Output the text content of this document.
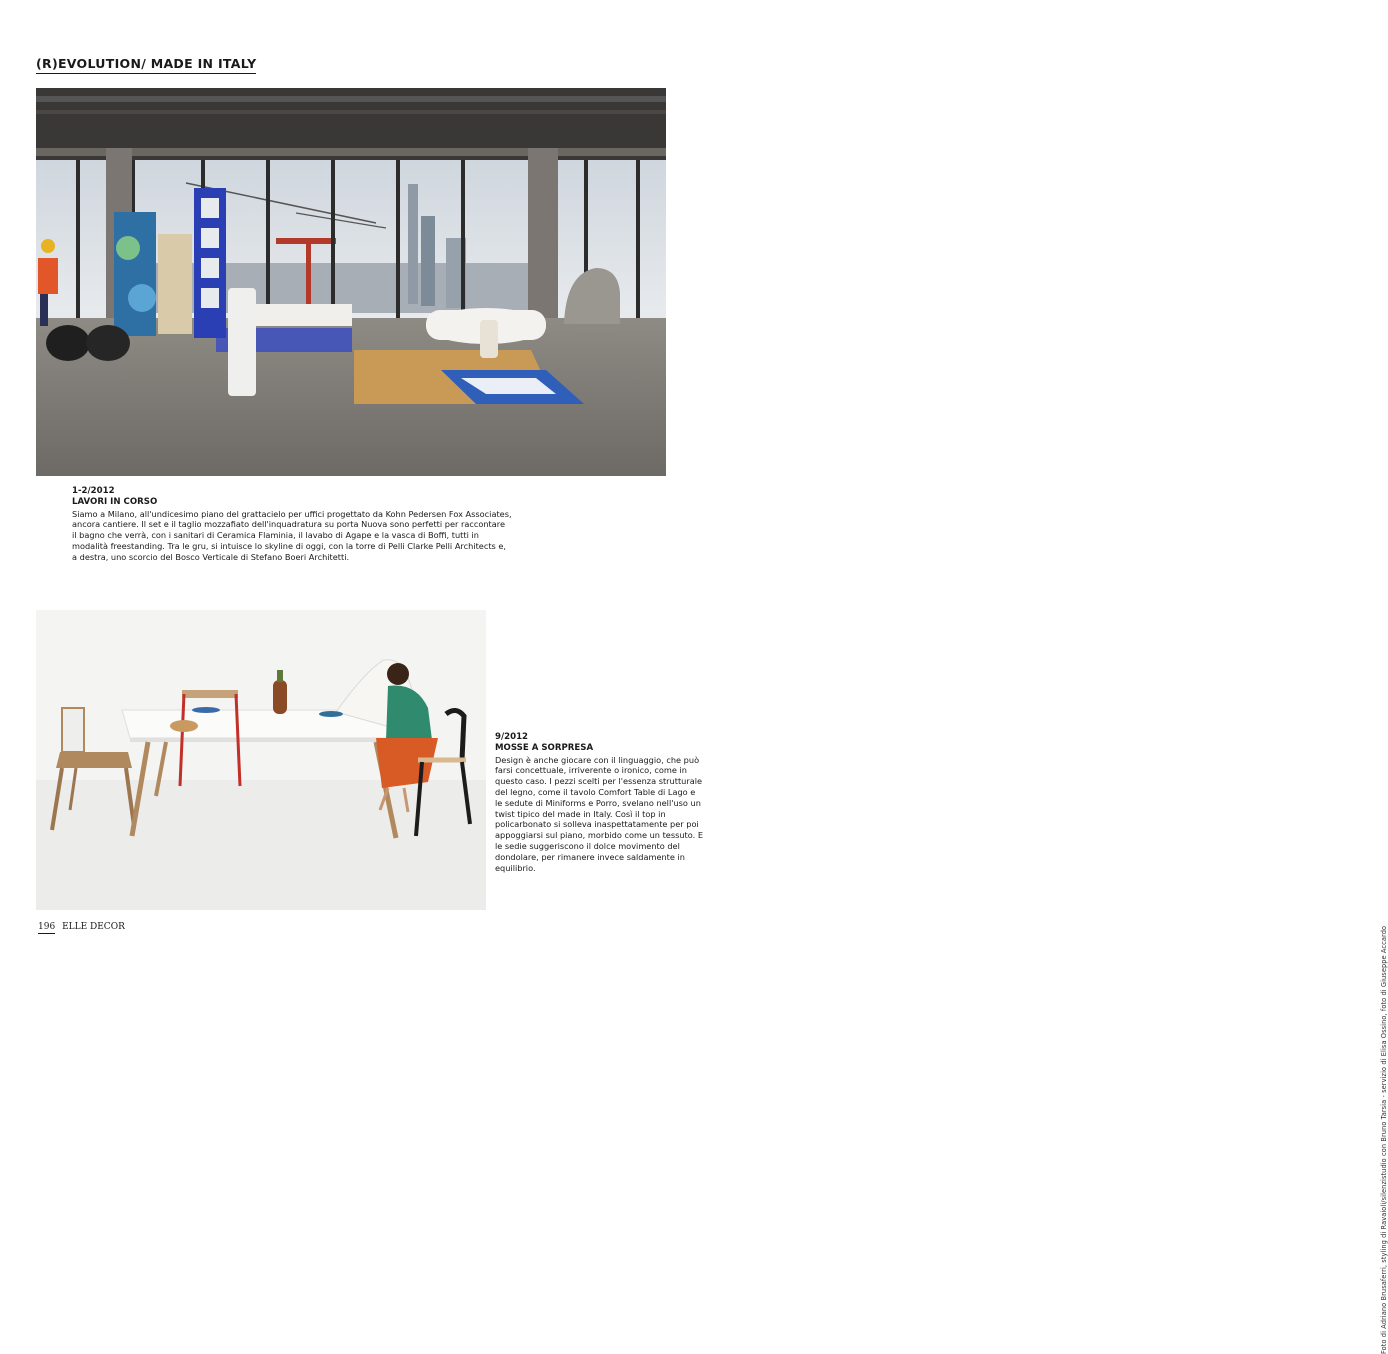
(R)EVOLUTION/ MADE IN ITALY
1-2/2012
LAVORI IN CORSO
Siamo a Milano, all'undicesimo piano del grattacielo per uffici progettato da Kohn Pedersen Fox Associates, ancora cantiere. Il set e il taglio mozzafiato dell'inquadratura su porta Nuova sono perfetti per raccontare il bagno che verrà, con i sanitari di Ceramica Flaminia, il lavabo di Agape e la vasca di Boffi, tutti in modalità freestanding. Tra le gru, si intuisce lo skyline di oggi, con la torre di Pelli Clarke Pelli Architects e, a destra, uno scorcio del Bosco Verticale di Stefano Boeri Architetti.
9/2012
MOSSE A SORPRESA
Design è anche giocare con il linguaggio, che può farsi concettuale, irriverente o ironico, come in questo caso. I pezzi scelti per l'essenza strutturale del legno, come il tavolo Comfort Table di Lago e le sedute di Miniforms e Porro, svelano nell'uso un twist tipico del made in Italy. Così il top in policarbonato si solleva inaspettatamente per poi appoggiarsi sul piano, morbido come un tessuto. E le sedie suggeriscono il dolce movimento del dondolare, per rimanere invece saldamente in equilibrio.
Foto di Adriano Brusaferri, styling di Ravaioli/silenzistudio con Bruno Tarsia - servizio di Elisa Ossino, foto di Giuseppe Accardo
196 ELLE DECOR
